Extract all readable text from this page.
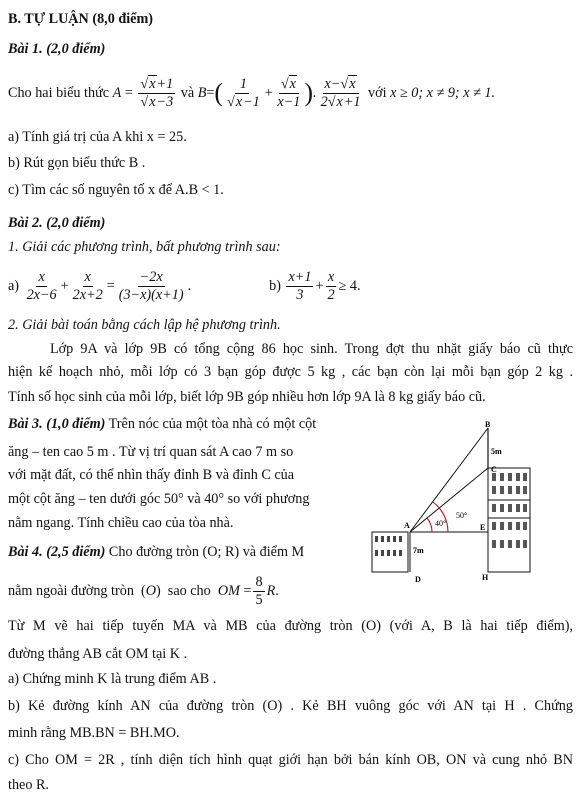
B. TỰ LUẬN (8,0 điểm)
Bài 1. (2,0 điểm)
Cho hai biểu thức
$A = \frac{√x+1}{√x-3}$
và
B = ( $\frac{1}{√x-1} + \frac{√x}{x-1}$ ) . $\frac{x-√x}{2√x+1}$
với
x ≥ 0; x ≠ 9; x ≠ 1.
a) Tính giá trị của A khi x = 25.
b) Rút gọn biểu thức B .
c) Tìm các số nguyên tố x để A.B < 1.
Bài 2. (2,0 điểm)
1. Giải các phương trình, bất phương trình sau:
$a) \frac{x}{2x-6} + \frac{x}{2x+2} = \frac{-2x}{(3-x)(x+1)}$ .	$b) \frac{x+1}{3} + \frac{x}{2} \ge 4$.
2. Giải bài toán bằng cách lập hệ phương trình.
Lớp 9A và lớp 9B có tổng cộng 86 học sinh. Trong đợt thu nhặt giấy báo cũ thực
hiện kế hoạch nhỏ, mỗi lớp có 3 bạn góp được 5 kg , các bạn còn lại mỗi bạn góp 2 kg .
Tính số học sinh của mỗi lớp, biết lớp 9B góp nhiều hơn lớp 9A là 8 kg giấy báo cũ.
Bài 3. (1,0 điểm) Trên nóc của một tòa nhà có một cột
ăng – ten cao 5 m . Từ vị trí quan sát A cao 7 m so
với mặt đất, có thể nhìn thấy đỉnh B và đỉnh C của
một cột ăng – ten dưới góc 50° và 40° so với phương
nằm ngang. Tính chiều cao của tòa nhà.
Bài 4. (2,5 điểm) Cho đường tròn (O; R) và điểm M
nằm ngoài đường tròn  (O)  sao cho  OM = $\frac{8}{5}$ R .
Từ M vẽ hai tiếp tuyến MA và MB của đường tròn (O) (với A, B là hai tiếp điểm),
đường thẳng AB cắt OM tại K .
a) Chứng minh K là trung điểm AB .
b) Kẻ đường kính AN của đường tròn (O) . Kẻ BH vuông góc với AN tại H . Chứng
minh rằng MB.BN = BH.MO.
c) Cho OM = 2R , tính diện tích hình quạt giới hạn bởi bán kính OB, ON và cung nhỏ BN
theo R.
B
C
5m
A	E
7m
D	H
40°
50°
